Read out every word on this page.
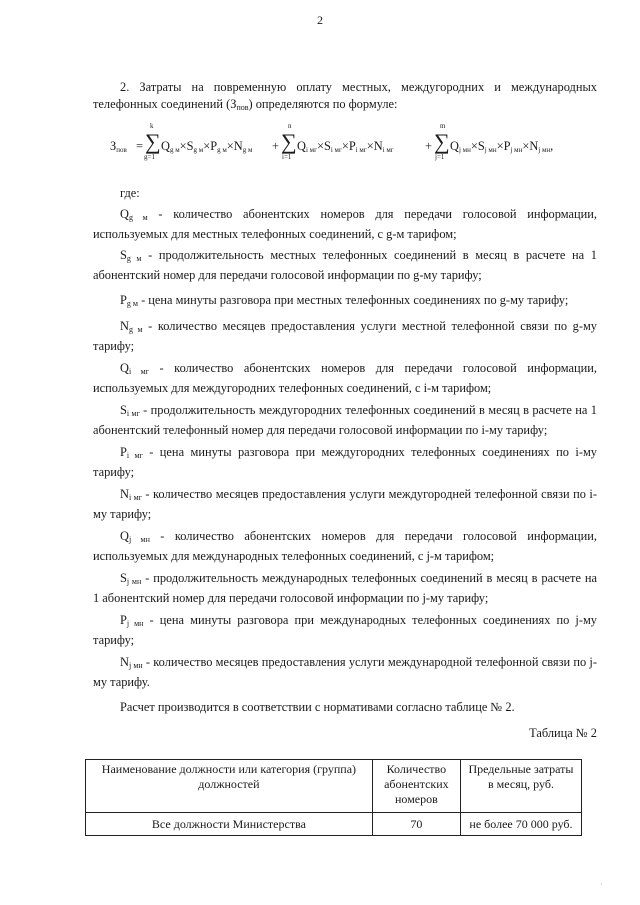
2

2. Затраты на повременную оплату местных, междугородних и международных телефонных соединений $(З_{пов})$ определяются по формуле:

Зпов =
k
∑
g=1
Qg м×Sg м×Pg м×Ng м +
n
∑
i=1
Qi мг×Si мг×Pi мг×Ni мг	+
m
∑
j=1
Qj мн×Sj мн×Pj мн×Nj мн,
где:

$Q_{g м}$ - количество абонентских номеров для передачи голосовой информации, используемых для местных телефонных соединений, с g-м тарифом;

$S_{g м}$ - продолжительность местных телефонных соединений в месяц в расчете на 1 абонентский номер для передачи голосовой информации по g-му тарифу;

$P_{g м}$ - цена минуты разговора при местных телефонных соединениях по g-му тарифу;

$N_{g м}$ - количество месяцев предоставления услуги местной телефонной связи по g-му тарифу;

$Q_{i мг}$ - количество абонентских номеров для передачи голосовой информации, используемых для междугородних телефонных соединений, с i-м тарифом;

$S_{i мг}$ - продолжительность междугородних телефонных соединений в месяц в расчете на 1 абонентский телефонный номер для передачи голосовой информации по i-му тарифу;

$P_{i мг}$ - цена минуты разговора при междугородних телефонных соединениях по i-му тарифу;

$N_{i мг}$ - количество месяцев предоставления услуги междугородней телефонной связи по i-му тарифу;

$Q_{j мн}$ - количество абонентских номеров для передачи голосовой информации, используемых для международных телефонных соединений, с j-м тарифом;

$S_{j мн}$ - продолжительность международных телефонных соединений в месяц в расчете на 1 абонентский номер для передачи голосовой информации по j-му тарифу;

$P_{j мн}$ - цена минуты разговора при международных телефонных соединениях по j-му тарифу;

$N_{j мн}$ - количество месяцев предоставления услуги международной телефонной связи по j-му тарифу.

Расчет производится в соответствии с нормативами согласно таблице № 2.

Таблица № 2
Наименование должности или категория (группа) должностей	Количество абонентских номеров	Предельные затраты в месяц, руб.
Все должности Министерства	70	не более 70 000 руб.
·
